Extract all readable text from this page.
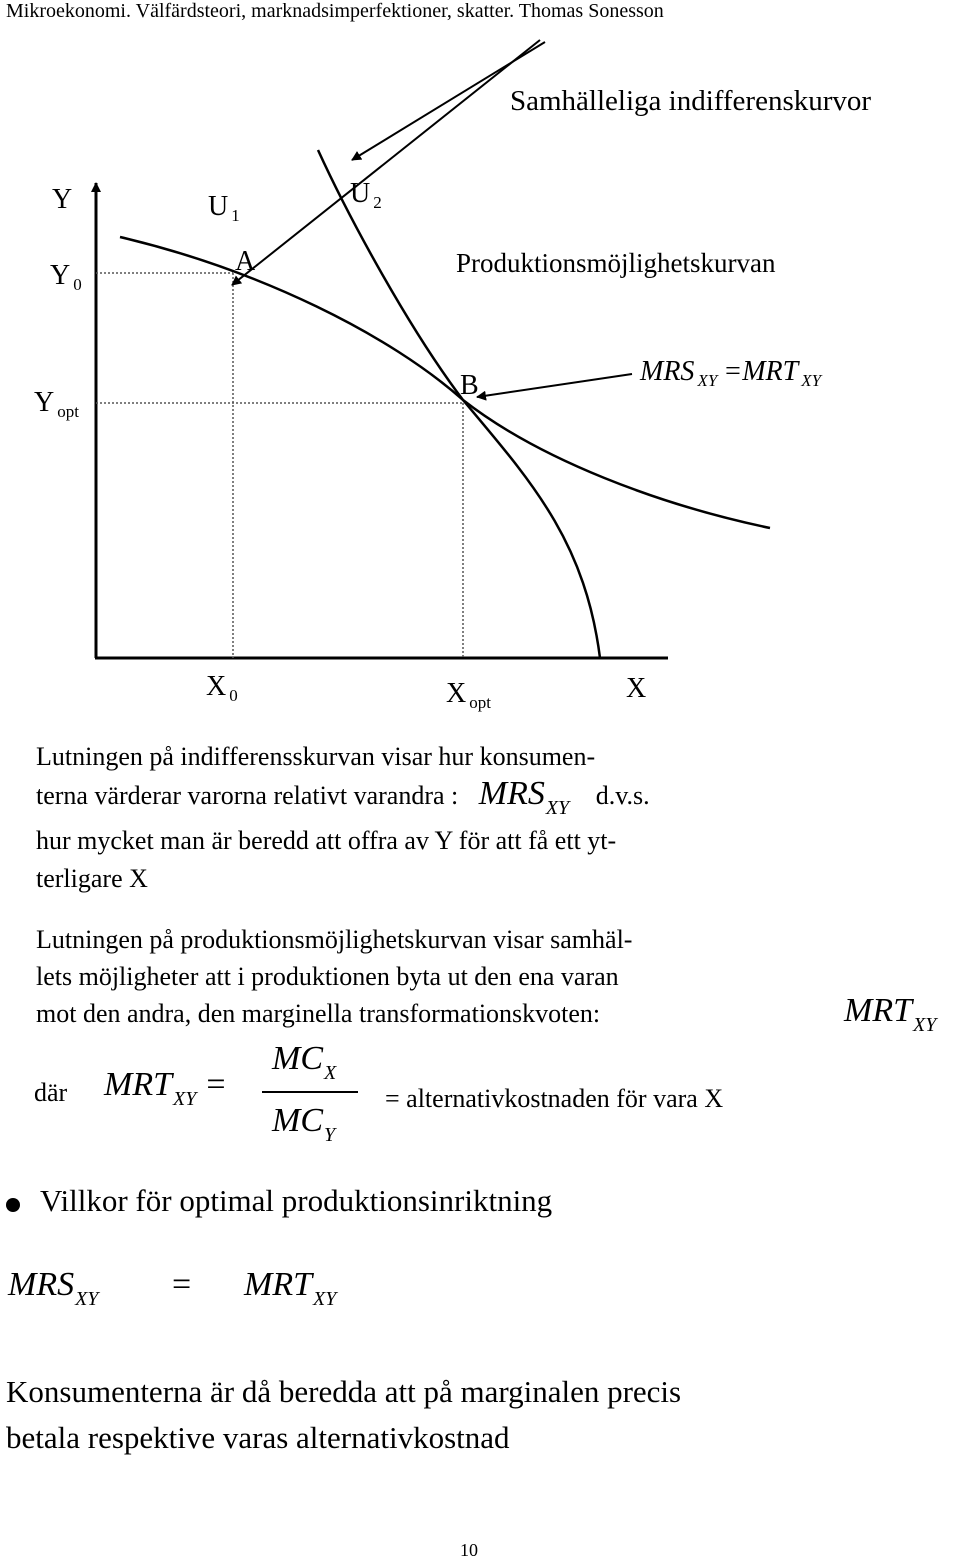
Mikroekonomi. Välfärdsteori, marknadsimperfektioner, skatter. Thomas Sonesson
Samhälleliga indifferenskurvor
Y	U $_1$
U $_2$
Y $_0$
A	Produktionsmöjlighetskurvan
B	MRS $_{XY}$ =MRT $_{XY}$
Y $_{opt}$
X $_0$	X $_{opt}$	X
Lutningen på indifferensskurvan visar hur konsumen-
terna värderar varorna relativt varandra : $MRS_{XY}$ d.v.s.
hur mycket man är beredd att offra av Y för att få ett yt-
terligare X
Lutningen på produktionsmöjlighetskurvan visar samhäl-
lets möjligheter att i produktionen byta ut den ena varan
mot den andra, den marginella transformationskvoten:	MRTXY
där MRTXY =
MCX
MCY
= alternativkostnaden för vara X
Villkor för optimal produktionsinriktning
MRSXY = MRTXY
Konsumenterna är då beredda att på marginalen precis
betala respektive varas alternativkostnad
10
